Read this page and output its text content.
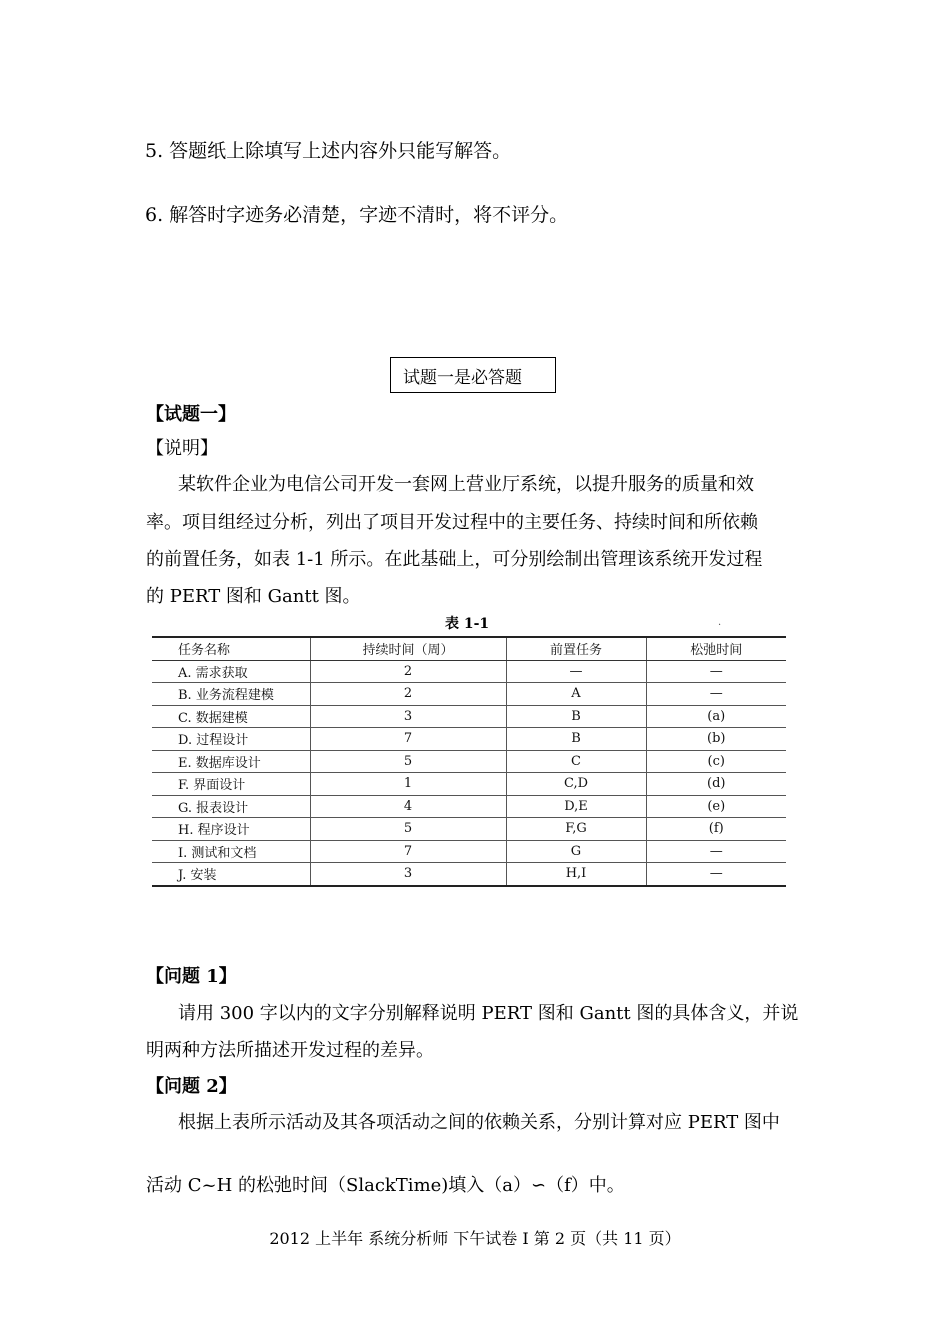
5. 答题纸上除填写上述内容外只能写解答。
6. 解答时字迹务必清楚，字迹不清时，将不评分。
试题一是必答题
【试题一】
【说明】
某软件企业为电信公司开发一套网上营业厅系统，以提升服务的质量和效
率。项目组经过分析，列出了项目开发过程中的主要任务、持续时间和所依赖
的前置任务，如表 1-1 所示。在此基础上，可分别绘制出管理该系统开发过程
的 PERT 图和 Gantt 图。
表 1-1	·
任务名称	持续时间（周）	前置任务	松弛时间
A. 需求获取	2	—	—
B. 业务流程建模	2	A	—
C. 数据建模	3	B	(a)
D. 过程设计	7	B	(b)
E. 数据库设计	5	C	(c)
F. 界面设计	1	C,D	(d)
G. 报表设计	4	D,E	(e)
H. 程序设计	5	F,G	(f)
I. 测试和文档	7	G	—
J. 安装	3	H,I	—
【问题 1】
请用 300 字以内的文字分别解释说明 PERT 图和 Gantt 图的具体含义，并说
明两种方法所描述开发过程的差异。
【问题 2】
根据上表所示活动及其各项活动之间的依赖关系，分别计算对应 PERT 图中
活动 C~H 的松弛时间（SlackTime)填入（a）∽（f）中。
2012 上半年 系统分析师 下午试卷 I 第 2 页（共 11 页）
